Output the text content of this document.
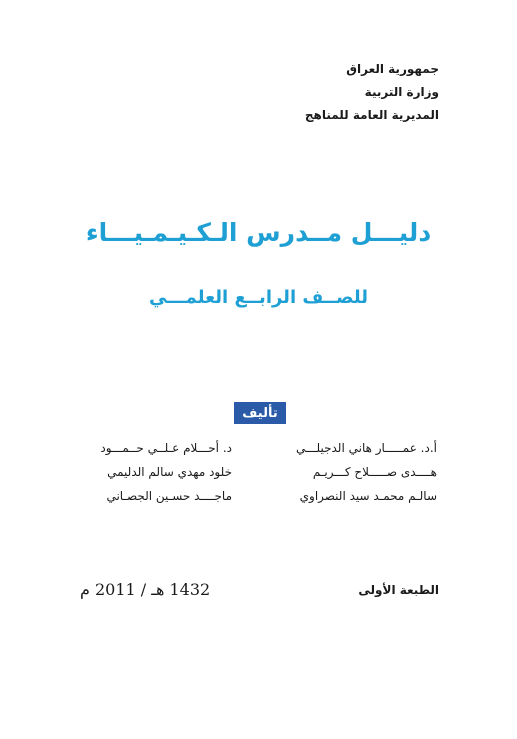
جمهورية العراق
وزارة التربية
المديرية العامة للمناهج
دليـــل مــدرس الـكـيـمـيـــاء
للصــف الرابــع العلمـــي
تأليف
أ.د. عمـــــار هاني الدجيلـــي
هــــدى صـــــلاح كـــريـم
سالـم محمـد سيد النصراوي
د. أحـــلام عـلــي حــمـــود
خلود مهدي سالم الدليمي
ماجــــد حسـين الجصـاني
1432 هـ / 2011 م	الطبعة الأولى
